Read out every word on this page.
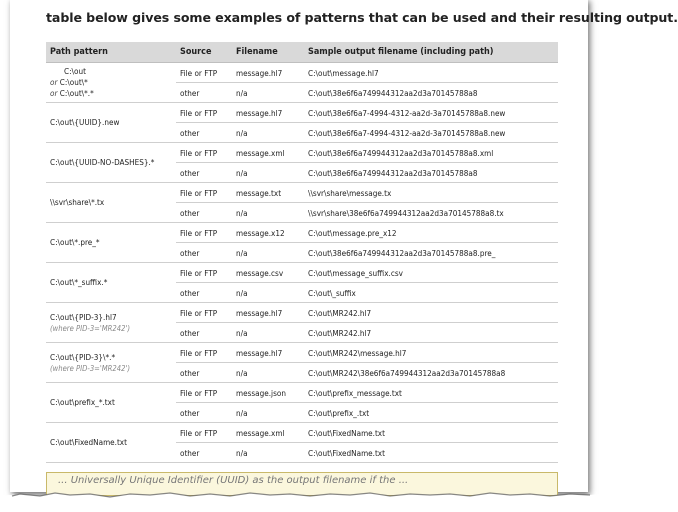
table below gives some examples of patterns that can be used and their resulting output.
Path pattern	Source	Filename	Sample output filename (including path)

C:\out
or C:\out\*
or C:\out\*.*	File or FTP	message.hl7	C:\out\message.hl7
	other	n/a	C:\out\38e6f6a749944312aa2d3a70145788a8

C:\out\{UUID}.new	File or FTP	message.hl7	C:\out\38e6f6a7-4994-4312-aa2d-3a70145788a8.new
	other	n/a	C:\out\38e6f6a7-4994-4312-aa2d-3a70145788a8.new

C:\out\{UUID-NO-DASHES}.*	File or FTP	message.xml	C:\out\38e6f6a749944312aa2d3a70145788a8.xml
	other	n/a	C:\out\38e6f6a749944312aa2d3a70145788a8

\\svr\share\*.tx	File or FTP	message.txt	\\svr\share\message.tx
	other	n/a	\\svr\share\38e6f6a749944312aa2d3a70145788a8.tx

C:\out\*.pre_*	File or FTP	message.x12	C:\out\message.pre_x12
	other	n/a	C:\out\38e6f6a749944312aa2d3a70145788a8.pre_

C:\out\*_suffix.*	File or FTP	message.csv	C:\out\message_suffix.csv
	other	n/a	C:\out\_suffix

C:\out\{PID-3}.hl7
(where PID-3='MR242')	File or FTP	message.hl7	C:\out\MR242.hl7
	other	n/a	C:\out\MR242.hl7

C:\out\{PID-3}\*.*
(where PID-3='MR242')	File or FTP	message.hl7	C:\out\MR242\message.hl7
	other	n/a	C:\out\MR242\38e6f6a749944312aa2d3a70145788a8

C:\out\prefix_*.txt	File or FTP	message.json	C:\out\prefix_message.txt
	other	n/a	C:\out\prefix_.txt

C:\out\FixedName.txt	File or FTP	message.xml	C:\out\FixedName.txt
	other	n/a	C:\out\FixedName.txt
... Universally Unique Identifier (UUID) as the output filename if the ...
